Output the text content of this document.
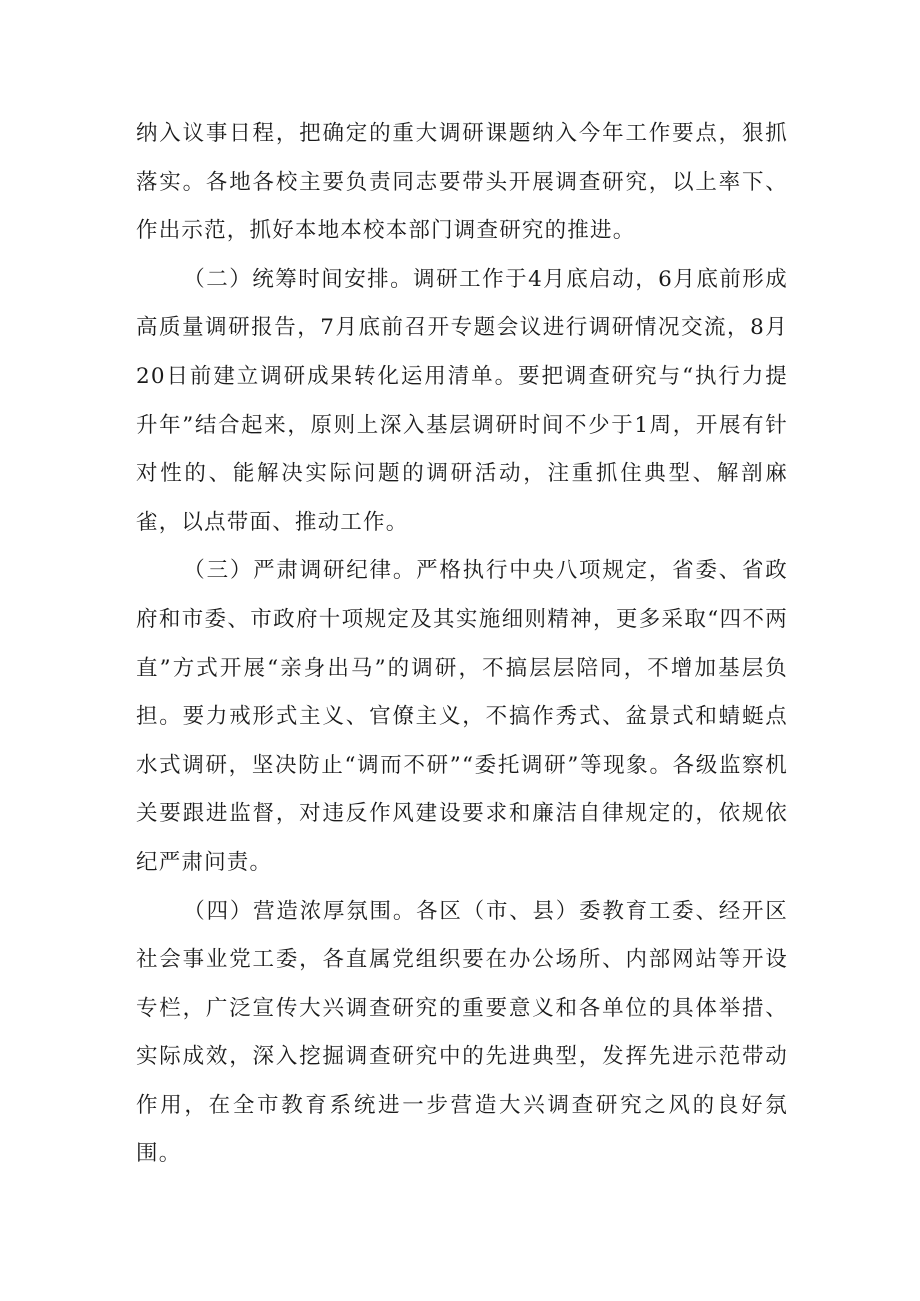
纳入议事日程，把确定的重大调研课题纳入今年工作要点，狠抓落实。各地各校主要负责同志要带头开展调查研究，以上率下、作出示范，抓好本地本校本部门调查研究的推进。

（二）统筹时间安排。调研工作于4月底启动，6月底前形成高质量调研报告，7月底前召开专题会议进行调研情况交流，8月20日前建立调研成果转化运用清单。要把调查研究与“执行力提升年”结合起来，原则上深入基层调研时间不少于1周，开展有针对性的、能解决实际问题的调研活动，注重抓住典型、解剖麻雀，以点带面、推动工作。

（三）严肃调研纪律。严格执行中央八项规定，省委、省政府和市委、市政府十项规定及其实施细则精神，更多采取“四不两直”方式开展“亲身出马”的调研，不搞层层陪同，不增加基层负担。要力戒形式主义、官僚主义，不搞作秀式、盆景式和蜻蜓点水式调研，坚决防止“调而不研”“委托调研”等现象。各级监察机关要跟进监督，对违反作风建设要求和廉洁自律规定的，依规依纪严肃问责。

（四）营造浓厚氛围。各区（市、县）委教育工委、经开区社会事业党工委，各直属党组织要在办公场所、内部网站等开设专栏，广泛宣传大兴调查研究的重要意义和各单位的具体举措、实际成效，深入挖掘调查研究中的先进典型，发挥先进示范带动作用，在全市教育系统进一步营造大兴调查研究之风的良好氛围。
